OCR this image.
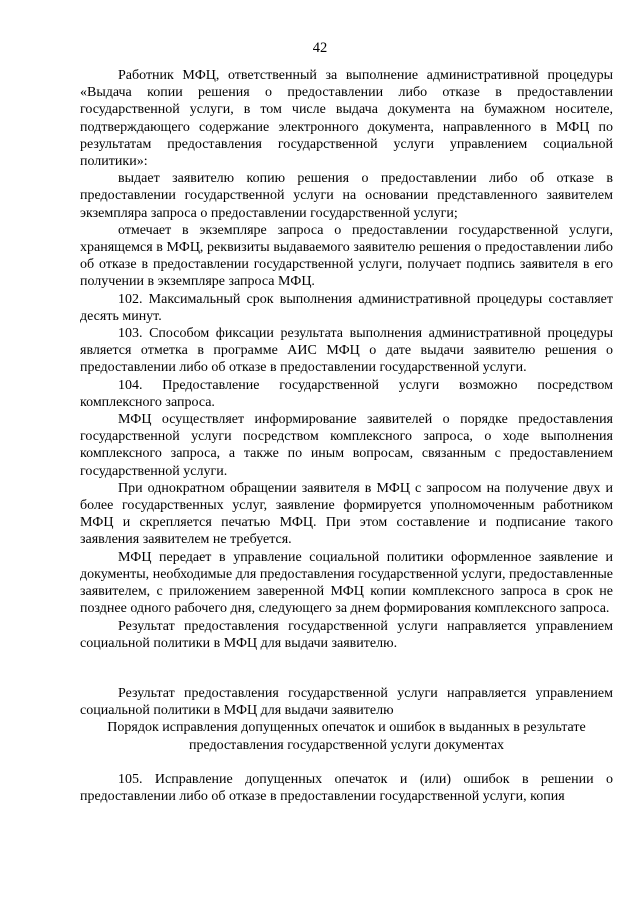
42

Работник МФЦ, ответственный за выполнение административной процедуры «Выдача копии решения о предоставлении либо отказе в предоставлении государственной услуги, в том числе выдача документа на бумажном носителе, подтверждающего содержание электронного документа, направленного в МФЦ по результатам предоставления государственной услуги управлением социальной политики»:

выдает заявителю копию решения о предоставлении либо об отказе в предоставлении государственной услуги на основании представленного заявителем экземпляра запроса о предоставлении государственной услуги;

отмечает в экземпляре запроса о предоставлении государственной услуги, хранящемся в МФЦ, реквизиты выдаваемого заявителю решения о предоставлении либо об отказе в предоставлении государственной услуги, получает подпись заявителя в его получении в экземпляре запроса МФЦ.

102. Максимальный срок выполнения административной процедуры составляет десять минут.

103. Способом фиксации результата выполнения административной процедуры является отметка в программе АИС МФЦ о дате выдачи заявителю решения о предоставлении либо об отказе в предоставлении государственной услуги.

104. Предоставление государственной услуги возможно посредством комплексного запроса.

МФЦ осуществляет информирование заявителей о порядке предоставления государственной услуги посредством комплексного запроса, о ходе выполнения комплексного запроса, а также по иным вопросам, связанным с предоставлением государственной услуги.

При однократном обращении заявителя в МФЦ с запросом на получение двух и более государственных услуг, заявление формируется уполномоченным работником МФЦ и скрепляется печатью МФЦ. При этом составление и подписание такого заявления заявителем не требуется.

МФЦ передает в управление социальной политики оформленное заявление и документы, необходимые для предоставления государственной услуги, предоставленные заявителем, с приложением заверенной МФЦ копии комплексного запроса в срок не позднее одного рабочего дня, следующего за днем формирования комплексного запроса.

Результат предоставления государственной услуги направляется управлением социальной политики в МФЦ для выдачи заявителю.

Результат предоставления государственной услуги направляется управлением социальной политики в МФЦ для выдачи заявителю

Порядок исправления допущенных опечаток и ошибок в выданных в результате предоставления государственной услуги документах

105. Исправление допущенных опечаток и (или) ошибок в решении о предоставлении либо об отказе в предоставлении государственной услуги, копия
